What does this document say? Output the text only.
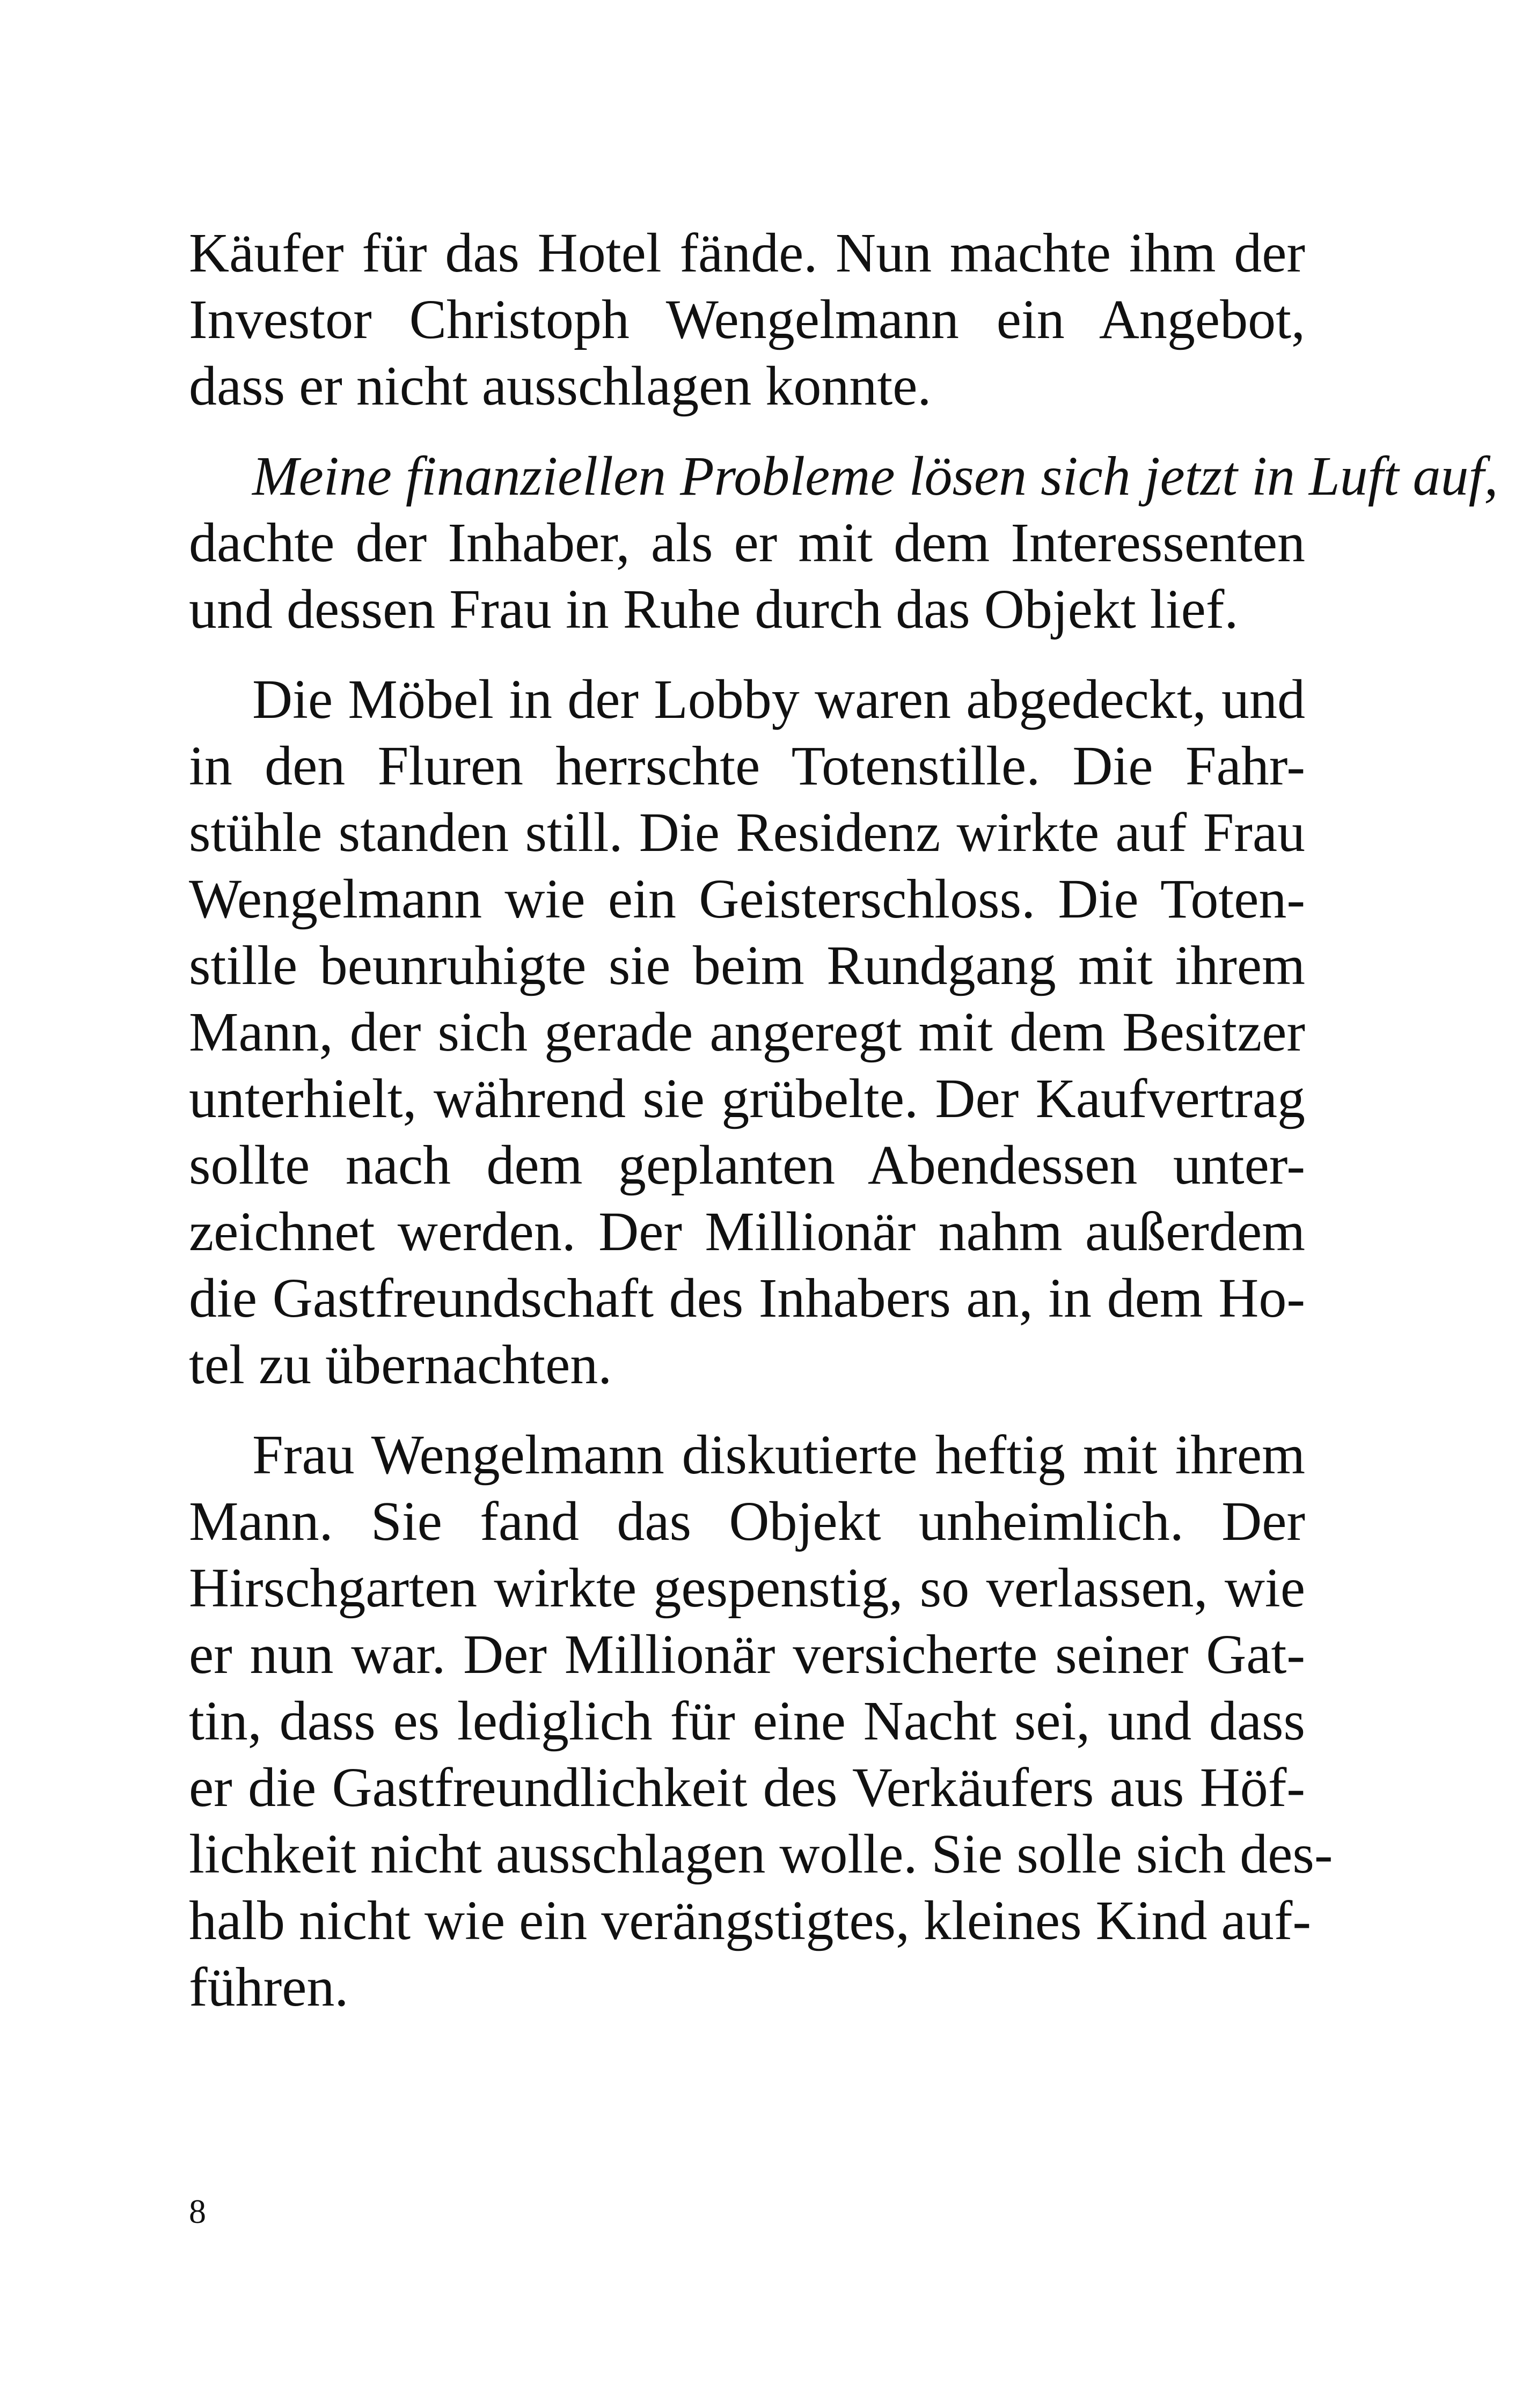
Käufer für das Hotel fände. Nun machte ihm der
Investor Christoph Wengelmann ein Angebot,
dass er nicht ausschlagen konnte.
Meine finanziellen Probleme lösen sich jetzt in Luft auf,
dachte der Inhaber, als er mit dem Interessenten
und dessen Frau in Ruhe durch das Objekt lief.
Die Möbel in der Lobby waren abgedeckt, und
in den Fluren herrschte Totenstille. Die Fahr-
stühle standen still. Die Residenz wirkte auf Frau
Wengelmann wie ein Geisterschloss. Die Toten-
stille beunruhigte sie beim Rundgang mit ihrem
Mann, der sich gerade angeregt mit dem Besitzer
unterhielt, während sie grübelte. Der Kaufvertrag
sollte nach dem geplanten Abendessen unter-
zeichnet werden. Der Millionär nahm außerdem
die Gastfreundschaft des Inhabers an, in dem Ho-
tel zu übernachten.
Frau Wengelmann diskutierte heftig mit ihrem
Mann. Sie fand das Objekt unheimlich. Der
Hirschgarten wirkte gespenstig, so verlassen, wie
er nun war. Der Millionär versicherte seiner Gat-
tin, dass es lediglich für eine Nacht sei, und dass
er die Gastfreundlichkeit des Verkäufers aus Höf-
lichkeit nicht ausschlagen wolle. Sie solle sich des-
halb nicht wie ein verängstigtes, kleines Kind auf-
führen.
8
